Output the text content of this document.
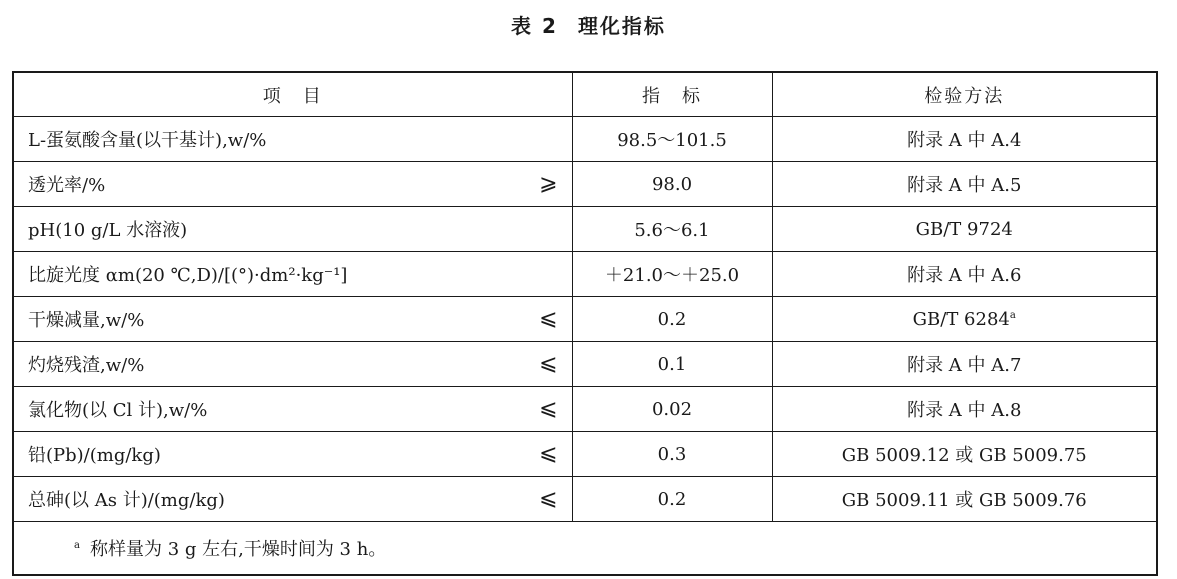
表 2 理化指标
项　目	指　标	检验方法
L-蛋氨酸含量(以干基计),w/%	98.5～101.5	附录 A 中 A.4
透光率/% ⩾	98.0	附录 A 中 A.5
pH(10 g/L 水溶液)	5.6～6.1	GB/T 9724
比旋光度 αm(20 ℃,D)/[(°)·dm²·kg⁻¹]	＋21.0～＋25.0	附录 A 中 A.6
干燥减量,w/% ⩽	0.2	GB/T 6284$^a$
灼烧残渣,w/% ⩽	0.1	附录 A 中 A.7
氯化物(以 Cl 计),w/% ⩽	0.02	附录 A 中 A.8
铅(Pb)/(mg/kg) ⩽	0.3	GB 5009.12 或 GB 5009.75
总砷(以 As 计)/(mg/kg) ⩽	0.2	GB 5009.11 或 GB 5009.76
$^a$ 称样量为 3 g 左右,干燥时间为 3 h。		
